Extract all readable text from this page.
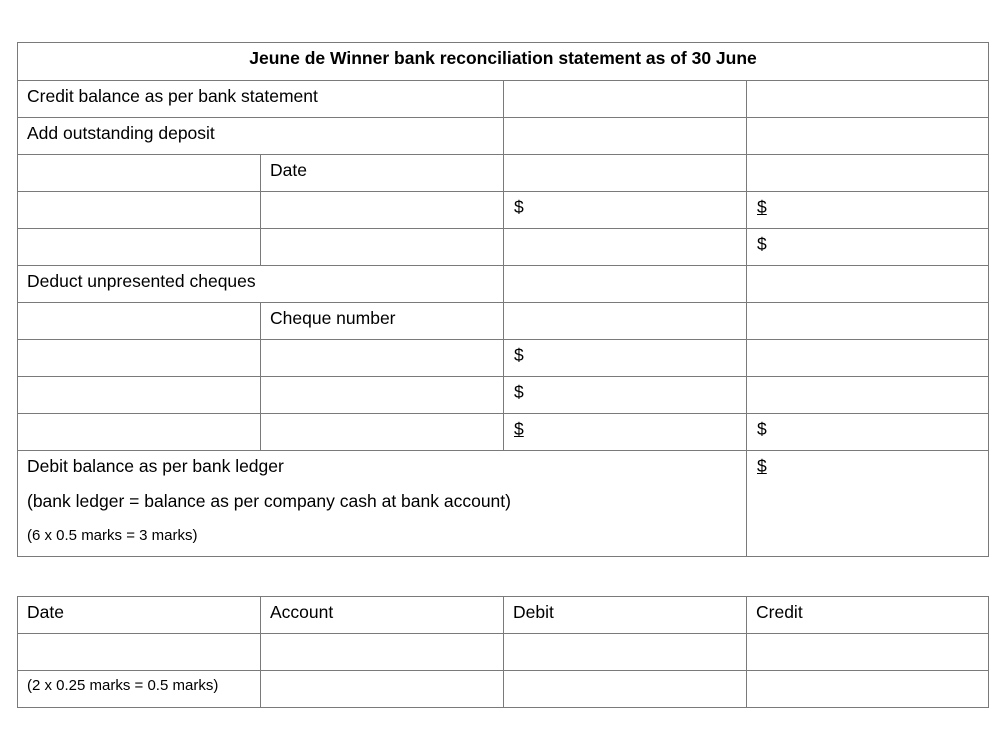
Jeune de Winner bank reconciliation statement as of 30 June			

Credit balance as per bank statement			

Add outstanding deposit			

	Date		

		$	$

			$

Deduct unpresented cheques			

	Cheque number		

		$	

		$	

		$	$

Debit balance as per bank ledger
(bank ledger = balance as per company cash at bank account)
(6 x 0.5 marks = 3 marks)			$
Date	Account	Debit	Credit

(2 x 0.25 marks = 0.5 marks)			
